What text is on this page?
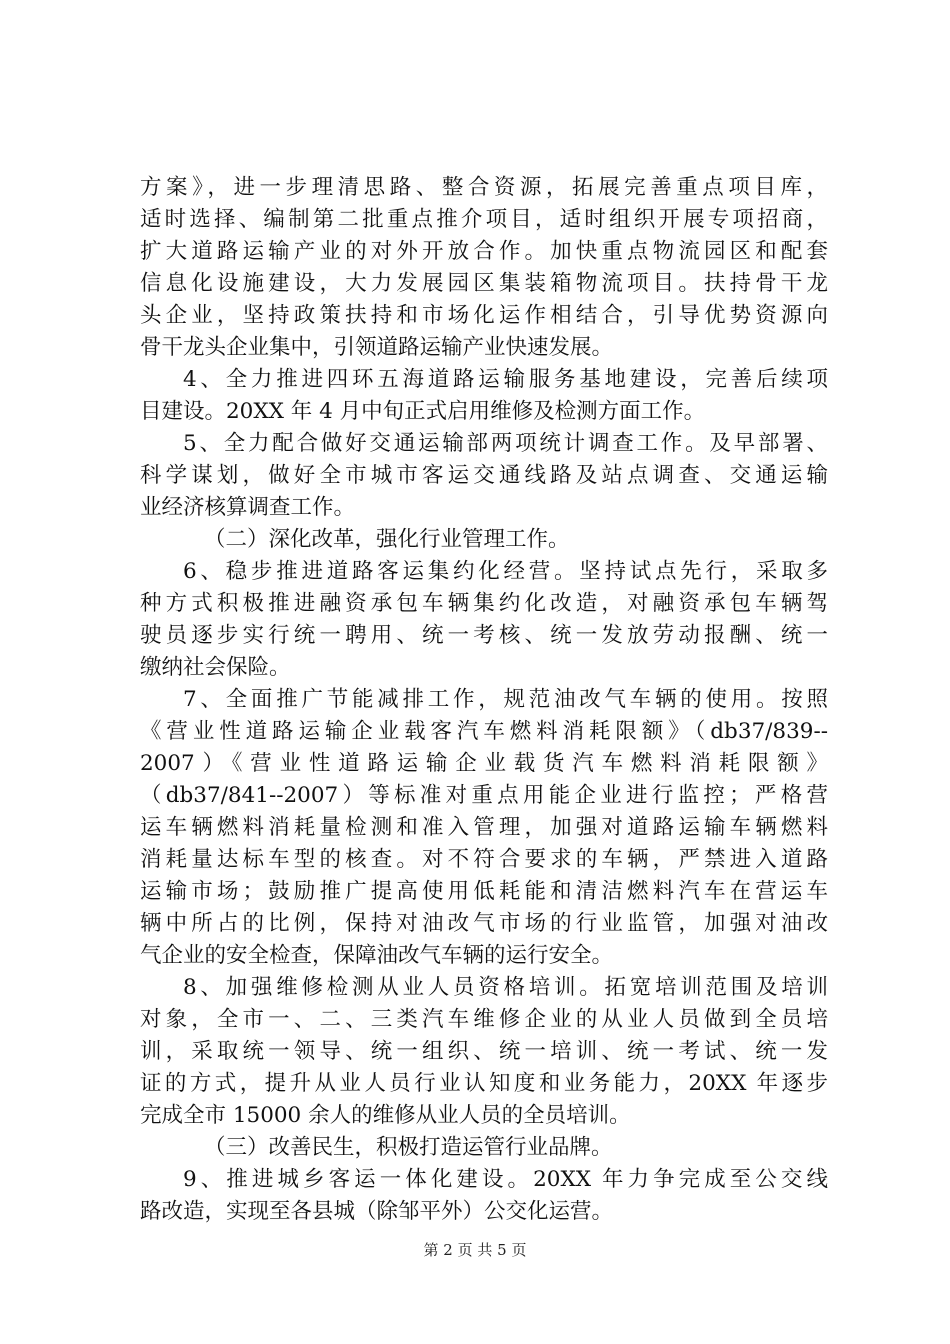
方案》，进一步理清思路、整合资源，拓展完善重点项目库，
适时选择、编制第二批重点推介项目，适时组织开展专项招商，
扩大道路运输产业的对外开放合作。加快重点物流园区和配套
信息化设施建设，大力发展园区集装箱物流项目。扶持骨干龙
头企业，坚持政策扶持和市场化运作相结合，引导优势资源向
骨干龙头企业集中，引领道路运输产业快速发展。
4、全力推进四环五海道路运输服务基地建设，完善后续项
目建设。20XX 年 4 月中旬正式启用维修及检测方面工作。
5、全力配合做好交通运输部两项统计调查工作。及早部署、
科学谋划，做好全市城市客运交通线路及站点调查、交通运输
业经济核算调查工作。
（二）深化改革，强化行业管理工作。
6、稳步推进道路客运集约化经营。坚持试点先行，采取多
种方式积极推进融资承包车辆集约化改造，对融资承包车辆驾
驶员逐步实行统一聘用、统一考核、统一发放劳动报酬、统一
缴纳社会保险。
7、全面推广节能减排工作，规范油改气车辆的使用。按照
《营业性道路运输企业载客汽车燃料消耗限额》（db37/839--
2007）《营业性道路运输企业载货汽车燃料消耗限额》
（db37/841--2007）等标准对重点用能企业进行监控；严格营
运车辆燃料消耗量检测和准入管理，加强对道路运输车辆燃料
消耗量达标车型的核查。对不符合要求的车辆，严禁进入道路
运输市场；鼓励推广提高使用低耗能和清洁燃料汽车在营运车
辆中所占的比例，保持对油改气市场的行业监管，加强对油改
气企业的安全检查，保障油改气车辆的运行安全。
8、加强维修检测从业人员资格培训。拓宽培训范围及培训
对象，全市一、二、三类汽车维修企业的从业人员做到全员培
训，采取统一领导、统一组织、统一培训、统一考试、统一发
证的方式，提升从业人员行业认知度和业务能力，20XX 年逐步
完成全市 15000 余人的维修从业人员的全员培训。
（三）改善民生，积极打造运管行业品牌。
9、推进城乡客运一体化建设。20XX 年力争完成至公交线
路改造，实现至各县城（除邹平外）公交化运营。
第 2 页 共 5 页
